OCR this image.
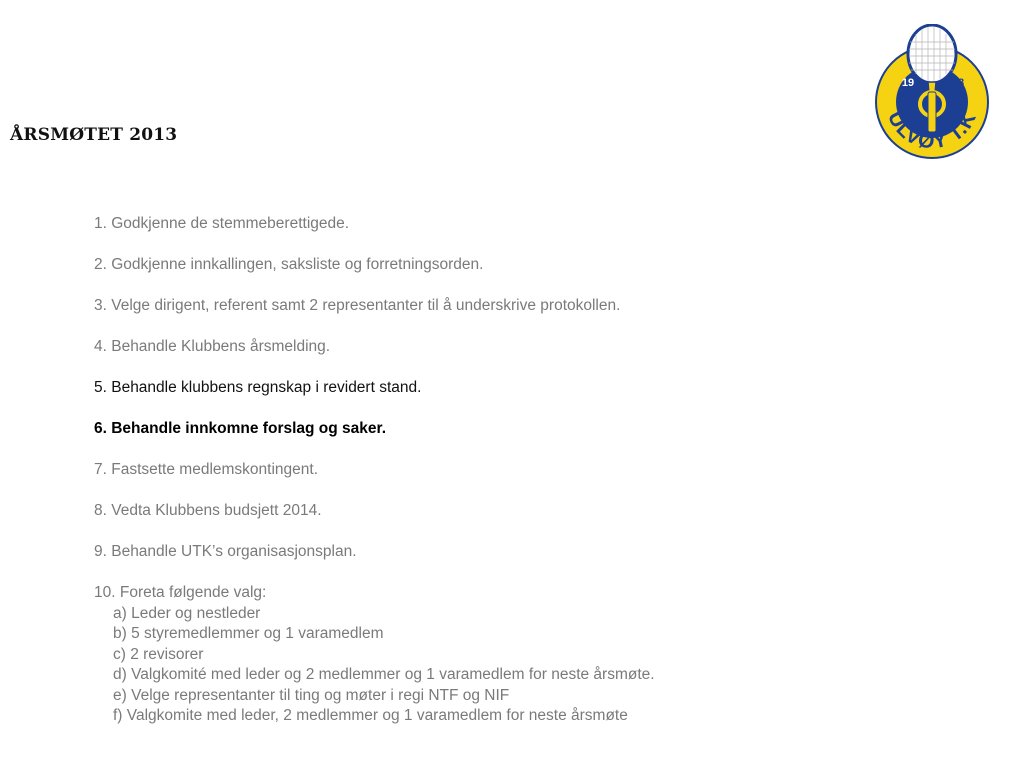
ÅRSMØTET 2013
19	38
ULVØY T.K
1. Godkjenne de stemmeberettigede.
2. Godkjenne innkallingen, saksliste og forretningsorden.
3. Velge dirigent, referent samt 2 representanter til å underskrive protokollen.
4. Behandle Klubbens årsmelding.
5. Behandle klubbens regnskap i revidert stand.
6. Behandle innkomne forslag og saker.
7. Fastsette medlemskontingent.
8. Vedta Klubbens budsjett 2014.
9. Behandle UTK’s organisasjonsplan.
10. Foreta følgende valg:
a) Leder og nestleder
b) 5 styremedlemmer og 1 varamedlem
c) 2 revisorer
d) Valgkomité med leder og 2 medlemmer og 1 varamedlem for neste årsmøte.
e) Velge representanter til ting og møter i regi NTF og NIF
f) Valgkomite med leder, 2 medlemmer og 1 varamedlem for neste årsmøte
